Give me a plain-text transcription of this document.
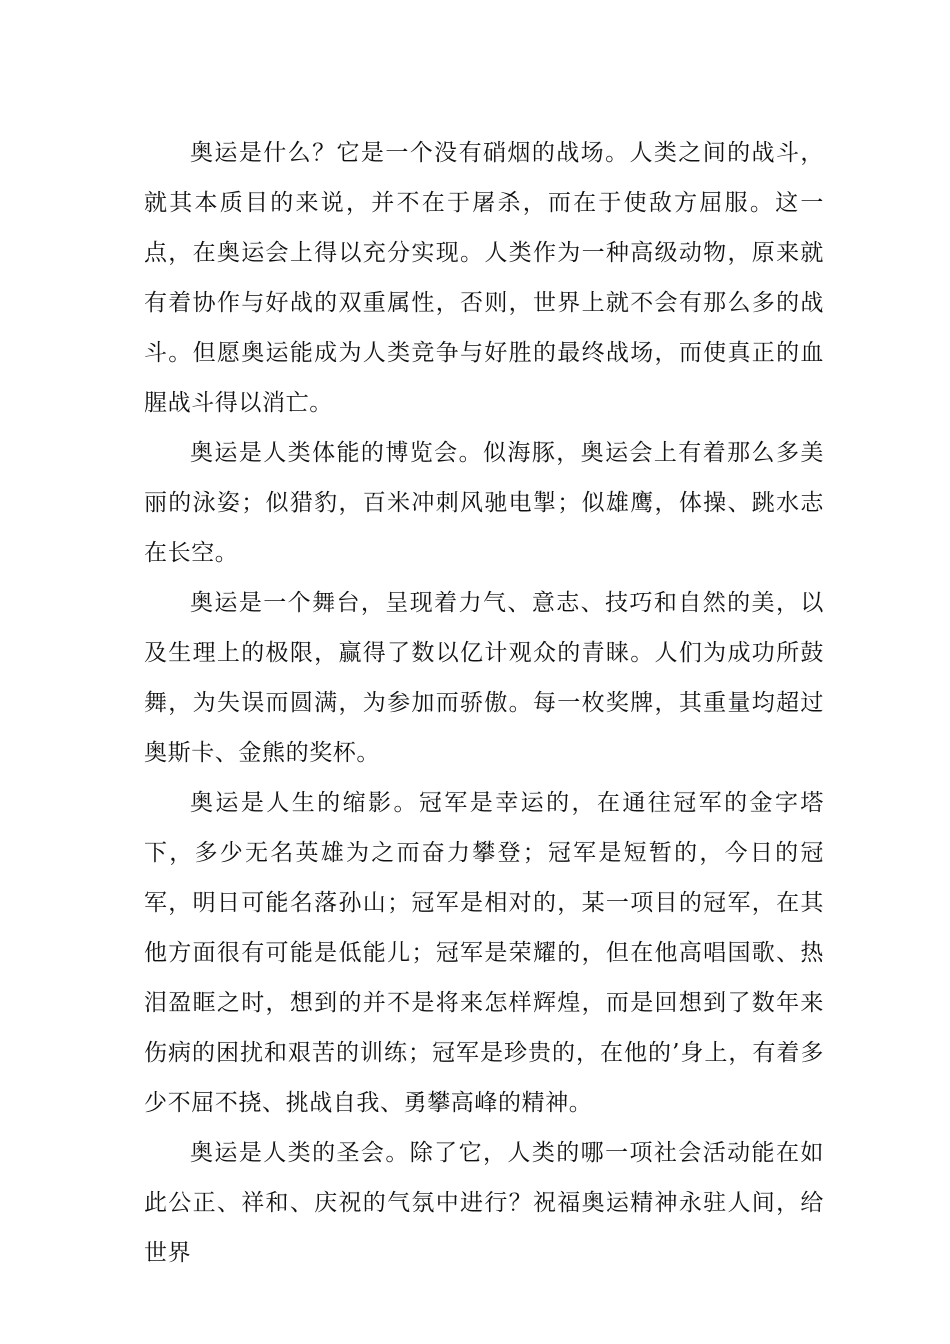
奥运是什么？它是一个没有硝烟的战场。人类之间的战斗，就其本质目的来说，并不在于屠杀，而在于使敌方屈服。这一点，在奥运会上得以充分实现。人类作为一种高级动物，原来就有着协作与好战的双重属性，否则，世界上就不会有那么多的战斗。但愿奥运能成为人类竞争与好胜的最终战场，而使真正的血腥战斗得以消亡。

奥运是人类体能的博览会。似海豚，奥运会上有着那么多美丽的泳姿；似猎豹，百米冲刺风驰电掣；似雄鹰，体操、跳水志在长空。

奥运是一个舞台，呈现着力气、意志、技巧和自然的美，以及生理上的极限，赢得了数以亿计观众的青睐。人们为成功所鼓舞，为失误而圆满，为参加而骄傲。每一枚奖牌，其重量均超过奥斯卡、金熊的奖杯。

奥运是人生的缩影。冠军是幸运的，在通往冠军的金字塔下，多少无名英雄为之而奋力攀登；冠军是短暂的，今日的冠军，明日可能名落孙山；冠军是相对的，某一项目的冠军，在其他方面很有可能是低能儿；冠军是荣耀的，但在他高唱国歌、热泪盈眶之时，想到的并不是将来怎样辉煌，而是回想到了数年来伤病的困扰和艰苦的训练；冠军是珍贵的，在他的’身上，有着多少不屈不挠、挑战自我、勇攀高峰的精神。

奥运是人类的圣会。除了它，人类的哪一项社会活动能在如此公正、祥和、庆祝的气氛中进行？祝福奥运精神永驻人间，给世界
